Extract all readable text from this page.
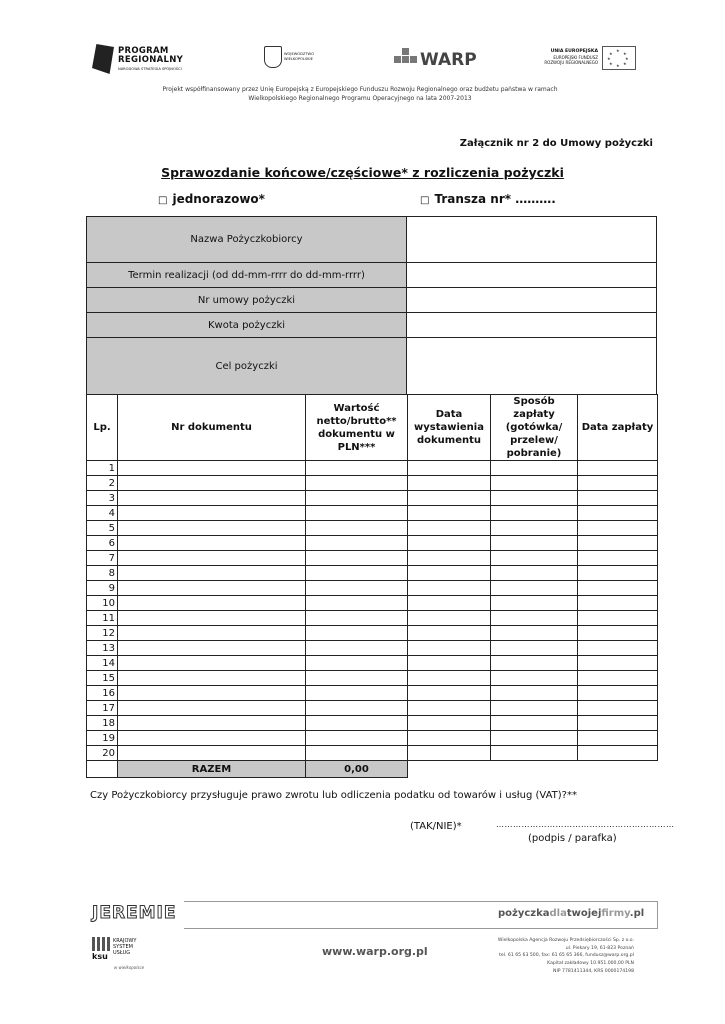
PROGRAM
REGIONALNY
NARODOWA STRATEGIA SPÓJNOŚCI
WOJEWÓDZTWO
WIELKOPOLSKIE	WARP	UNIA EUROPEJSKA
EUROPEJSKI FUNDUSZ
ROZWOJU REGIONALNEGO
★
★
★
★
★
★
★
★
Projekt współfinansowany przez Unię Europejską z Europejskiego Funduszu Rozwoju Regionalnego oraz budżetu państwa w ramach
Wielkopolskiego Regionalnego Programu Operacyjnego na lata 2007-2013
Załącznik nr 2 do Umowy pożyczki
Sprawozdanie końcowe/częściowe* z rozliczenia pożyczki
□ jednorazowo*	□ Transza nr* ……….
Nazwa Pożyczkobiorcy	
Termin realizacji (od dd-mm-rrrr do dd-mm-rrrr)	
Nr umowy pożyczki	
Kwota pożyczki	
Cel pożyczki	
Lp.	Nr dokumentu	Wartość netto/brutto** dokumentu w PLN***	Data wystawienia dokumentu	Sposób zapłaty (gotówka/ przelew/ pobranie)	Data zapłaty
1					
2					
3					
4					
5					
6					
7					
8					
9					
10					
11					
12					
13					
14					
15					
16					
17					
18					
19					
20					
	RAZEM	0,00			
Czy Pożyczkobiorcy przysługuje prawo zwrotu lub odliczenia podatku od towarów i usług (VAT)?**
(TAK/NIE)*	………………………………………………………
(podpis / parafka)
JEREMIE	pożyczkadlatwojejfirmy.pl
ksu
KRAJOWY
SYSTEM
USŁUG
w wielkopolsce
www.warp.org.pl
Wielkopolska Agencja Rozwoju Przedsiębiorczości Sp. z o.o.
ul. Piekary 19, 61-823 Poznań
tel. 61 65 63 500, fax: 61 65 65 366, fundusz@warp.org.pl
Kapitał zakładowy 10.951.000,00 PLN
NIP 7781411344, KRS 0000174198
